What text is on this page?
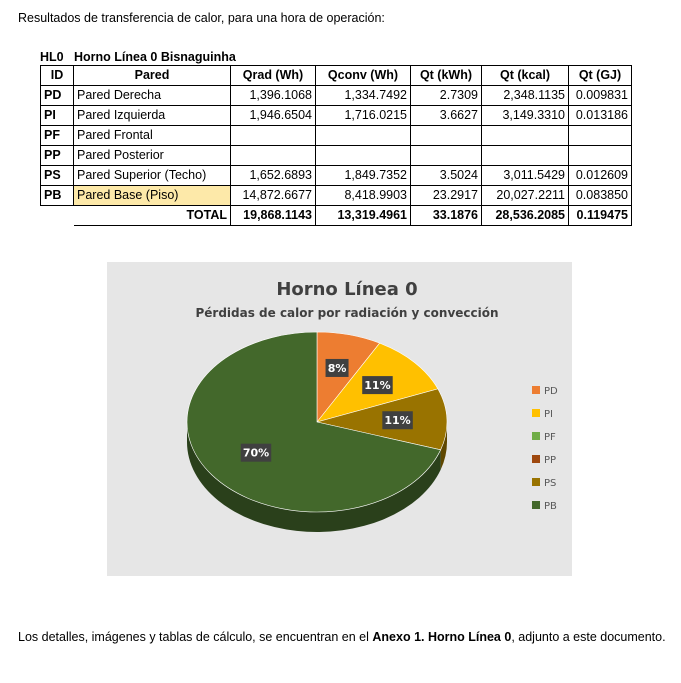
Resultados de transferencia de calor, para una hora de operación:
HL0 Horno Línea 0 Bisnaguinha
ID	Pared	Qrad (Wh)	Qconv (Wh)	Qt (kWh)	Qt (kcal)	Qt (GJ)
PD	Pared Derecha	1,396.1068	1,334.7492	2.7309	2,348.1135	0.009831
PI	Pared Izquierda	1,946.6504	1,716.0215	3.6627	3,149.3310	0.013186
PF	Pared Frontal					
PP	Pared Posterior					
PS	Pared Superior (Techo)	1,652.6893	1,849.7352	3.5024	3,011.5429	0.012609
PB	Pared Base (Piso)	14,872.6677	8,418.9903	23.2917	20,027.2211	0.083850
	TOTAL	19,868.1143	13,319.4961	33.1876	28,536.2085	0.119475
Horno Línea 0
Pérdidas de calor por radiación y convección
8%
11%
11%
70%
PD
PI
PF
PP
PS
PB
Los detalles, imágenes y tablas de cálculo, se encuentran en el Anexo 1. Horno Línea 0, adjunto a este documento.
